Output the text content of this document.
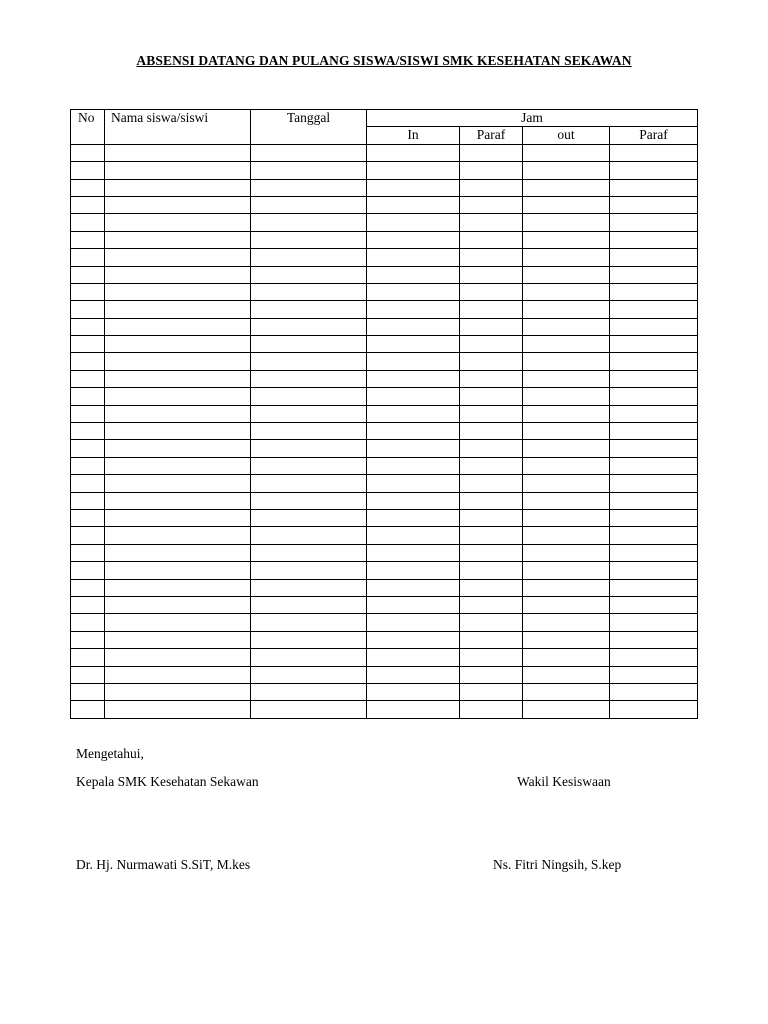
ABSENSI DATANG DAN PULANG SISWA/SISWI SMK KESEHATAN SEKAWAN
No	Nama siswa/siswi	Tanggal	Jam			
			In	Paraf	out	Paraf

Mengetahui,
Kepala SMK Kesehatan Sekawan	Wakil Kesiswaan
Dr. Hj. Nurmawati S.SiT, M.kes	Ns. Fitri Ningsih, S.kep
